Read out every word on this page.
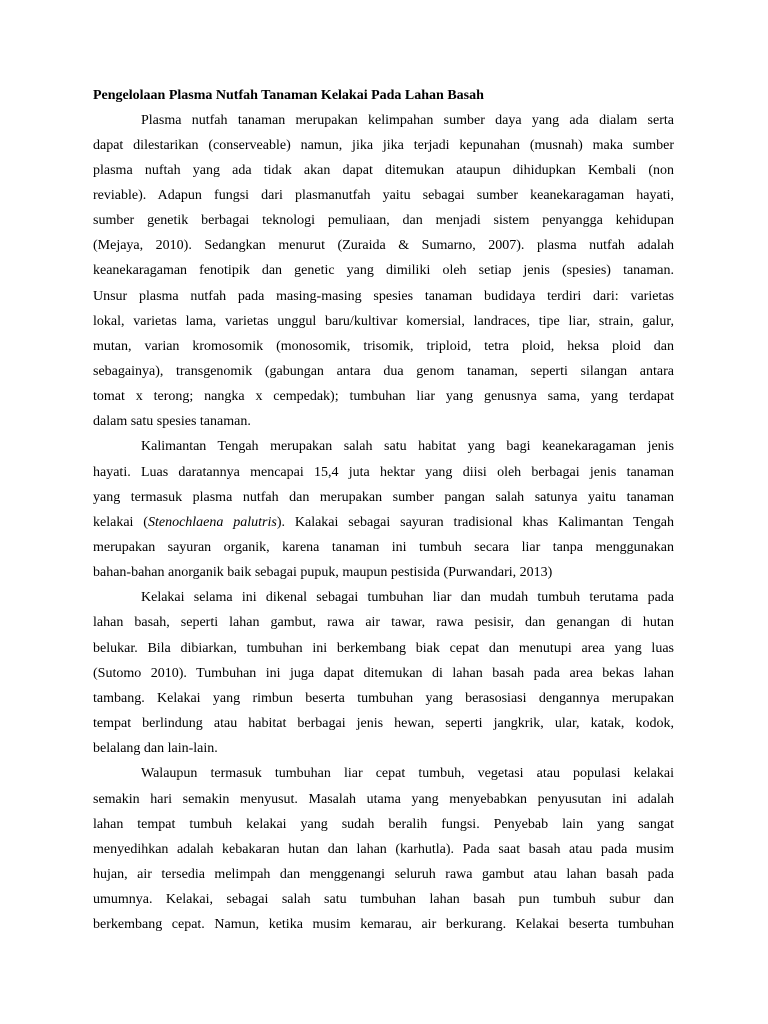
Pengelolaan Plasma Nutfah Tanaman Kelakai Pada Lahan Basah
Plasma nutfah tanaman merupakan kelimpahan sumber daya yang ada dialam serta
dapat dilestarikan (conserveable) namun, jika jika terjadi kepunahan (musnah) maka sumber
plasma nuftah yang ada tidak akan dapat ditemukan ataupun dihidupkan Kembali (non
reviable). Adapun fungsi dari plasmanutfah yaitu sebagai sumber keanekaragaman hayati,
sumber genetik berbagai teknologi pemuliaan, dan menjadi sistem penyangga kehidupan
(Mejaya, 2010). Sedangkan menurut (Zuraida & Sumarno, 2007). plasma nutfah adalah
keanekaragaman fenotipik dan genetic yang dimiliki oleh setiap jenis (spesies) tanaman.
Unsur plasma nutfah pada masing-masing spesies tanaman budidaya terdiri dari: varietas
lokal, varietas lama, varietas unggul baru/kultivar komersial, landraces, tipe liar, strain, galur,
mutan, varian kromosomik (monosomik, trisomik, triploid, tetra ploid, heksa ploid dan
sebagainya), transgenomik (gabungan antara dua genom tanaman, seperti silangan antara
tomat x terong; nangka x cempedak); tumbuhan liar yang genusnya sama, yang terdapat
dalam satu spesies tanaman.
Kalimantan Tengah merupakan salah satu habitat yang bagi keanekaragaman jenis
hayati. Luas daratannya mencapai 15,4 juta hektar yang diisi oleh berbagai jenis tanaman
yang termasuk plasma nutfah dan merupakan sumber pangan salah satunya yaitu tanaman
kelakai (Stenochlaena palutris). Kalakai sebagai sayuran tradisional khas Kalimantan Tengah
merupakan sayuran organik, karena tanaman ini tumbuh secara liar tanpa menggunakan
bahan-bahan anorganik baik sebagai pupuk, maupun pestisida (Purwandari, 2013)
Kelakai selama ini dikenal sebagai tumbuhan liar dan mudah tumbuh terutama pada
lahan basah, seperti lahan gambut, rawa air tawar, rawa pesisir, dan genangan di hutan
belukar. Bila dibiarkan, tumbuhan ini berkembang biak cepat dan menutupi area yang luas
(Sutomo 2010). Tumbuhan ini juga dapat ditemukan di lahan basah pada area bekas lahan
tambang. Kelakai yang rimbun beserta tumbuhan yang berasosiasi dengannya merupakan
tempat berlindung atau habitat berbagai jenis hewan, seperti jangkrik, ular, katak, kodok,
belalang dan lain-lain.
Walaupun termasuk tumbuhan liar cepat tumbuh, vegetasi atau populasi kelakai
semakin hari semakin menyusut. Masalah utama yang menyebabkan penyusutan ini adalah
lahan tempat tumbuh kelakai yang sudah beralih fungsi. Penyebab lain yang sangat
menyedihkan adalah kebakaran hutan dan lahan (karhutla). Pada saat basah atau pada musim
hujan, air tersedia melimpah dan menggenangi seluruh rawa gambut atau lahan basah pada
umumnya. Kelakai, sebagai salah satu tumbuhan lahan basah pun tumbuh subur dan
berkembang cepat. Namun, ketika musim kemarau, air berkurang. Kelakai beserta tumbuhan
